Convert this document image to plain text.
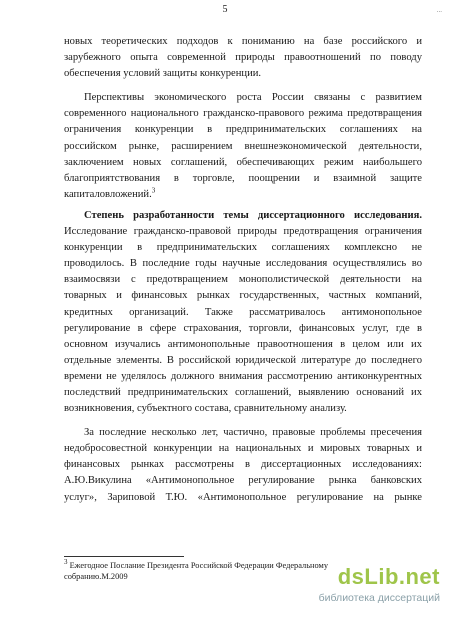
5	...
новых теоретических подходов к пониманию на базе российского и
зарубежного опыта современной природы правоотношений по поводу
обеспечения условий защиты конкуренции.
Перспективы экономического роста России связаны с развитием
современного национального гражданско-правового режима предотвращения
ограничения конкуренции в предпринимательских соглашениях на
российском рынке, расширением внешнеэкономической деятельности,
заключением новых соглашений, обеспечивающих режим наибольшего
благоприятствования в торговле, поощрении и взаимной защите
капиталовложений.$^3$
Степень разработанности темы диссертационного исследования.
Исследование гражданско-правовой природы предотвращения ограничения
конкуренции в предпринимательских соглашениях комплексно не
проводилось. В последние годы научные исследования осуществлялись во
взаимосвязи с предотвращением монополистической деятельности на
товарных и финансовых рынках государственных, частных компаний,
кредитных организаций. Также рассматривалось антимонопольное
регулирование в сфере страхования, торговли, финансовых услуг, где в
основном изучались антимонопольные правоотношения в целом или их
отдельные элементы. В российской юридической литературе до последнего
времени не уделялось должного внимания рассмотрению антиконкурентных
последствий предпринимательских соглашений, выявлению оснований их
возникновения, субъектного состава, сравнительному анализу.
За последние несколько лет, частично, правовые проблемы пресечения
недобросовестной конкуренции на национальных и мировых товарных и
финансовых рынках рассмотрены в диссертационных исследованиях:
А.Ю.Викулина «Антимонопольное регулирование рынка банковских
услуг», Зариповой Т.Ю. «Антимонопольное регулирование на рынке
$^3$ Ежегодное Послание Президента Российской Федерации Федеральному
собранию.М.2009	dsLib.net
библиотека диссертаций
